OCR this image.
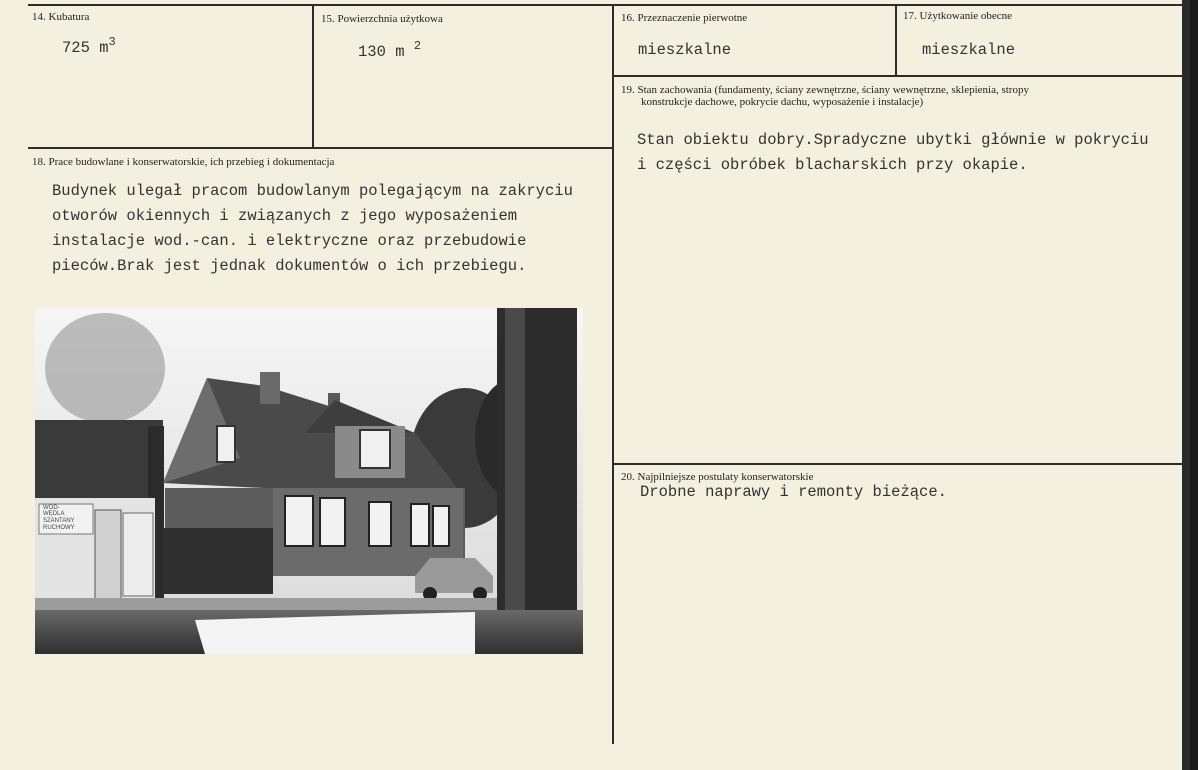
14. Kubatura
725 $m^3$
15. Powierzchnia użytkowa
130 m $^2$
16. Przeznaczenie pierwotne
mieszkalne
17. Użytkowanie obecne
mieszkalne
18. Prace budowlane i konserwatorskie, ich przebieg i dokumentacja
Budynek ulegał pracom budowlanym polegającym na zakryciu
otworów okiennych i związanych z jego wyposażeniem
instalacje wod.-can. i elektryczne oraz przebudowie
pieców.Brak jest jednak dokumentów o ich przebiegu.
19. Stan zachowania (fundamenty, ściany zewnętrzne, ściany wewnętrzne, sklepienia, stropy
konstrukcje dachowe, pokrycie dachu, wyposażenie i instalacje)
Stan obiektu dobry.Spradyczne ubytki głównie w pokryciu
i części obróbek blacharskich przy okapie.
20. Najpilniejsze postulaty konserwatorskie
Drobne naprawy i remonty bieżące.
WOD-
WĘDLA
SZANTANY
RUCHOWY
